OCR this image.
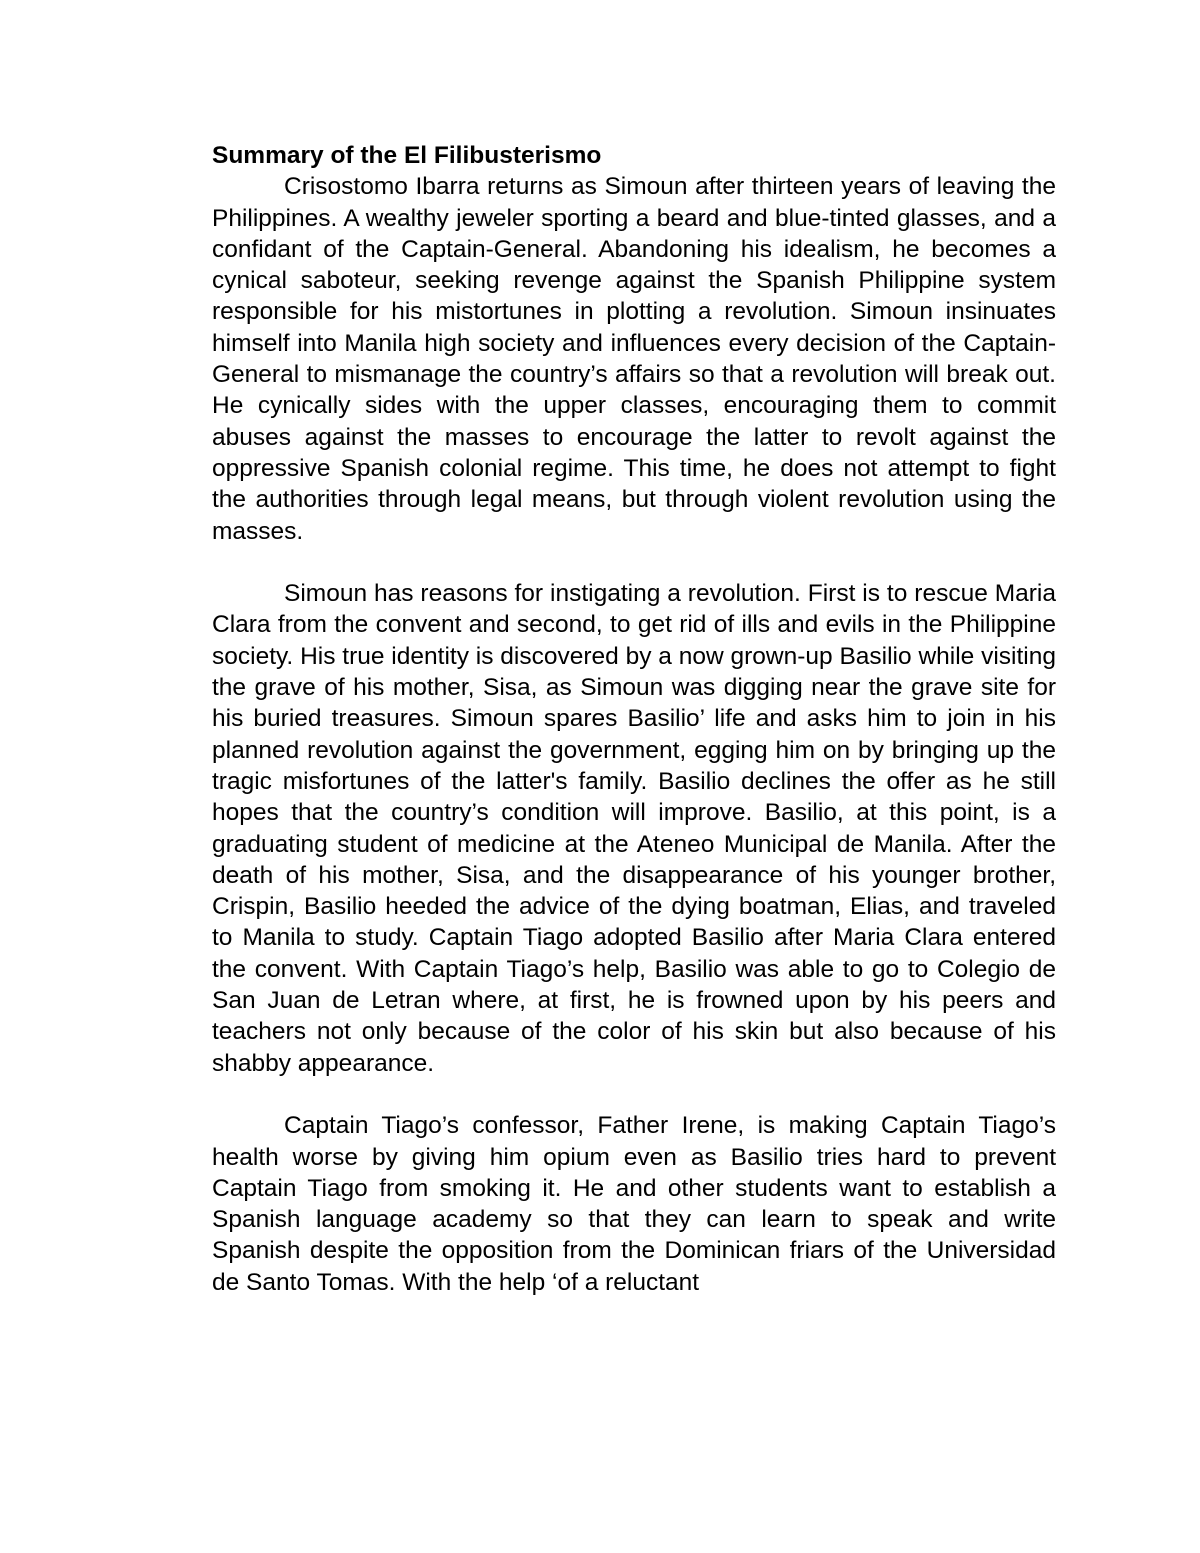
Summary of the El Filibusterismo

Crisostomo Ibarra returns as Simoun after thirteen years of leaving the Philippines. A wealthy jeweler sporting a beard and blue-tinted glasses, and a confidant of the Captain-General. Abandoning his idealism, he becomes a cynical saboteur, seeking revenge against the Spanish Philippine system responsible for his mistortunes in plotting a revolution. Simoun insinuates himself into Manila high society and influences every decision of the Captain-General to mismanage the country’s affairs so that a revolution will break out. He cynically sides with the upper classes, encouraging them to commit abuses against the masses to encourage the latter to revolt against the oppressive Spanish colonial regime. This time, he does not attempt to fight the authorities through legal means, but through violent revolution using the masses.

Simoun has reasons for instigating a revolution. First is to rescue Maria Clara from the convent and second, to get rid of ills and evils in the Philippine society. His true identity is discovered by a now grown-up Basilio while visiting the grave of his mother, Sisa, as Simoun was digging near the grave site for his buried treasures. Simoun spares Basilio’ life and asks him to join in his planned revolution against the government, egging him on by bringing up the tragic misfortunes of the latter's family. Basilio declines the offer as he still hopes that the country’s condition will improve. Basilio, at this point, is a graduating student of medicine at the Ateneo Municipal de Manila. After the death of his mother, Sisa, and the disappearance of his younger brother, Crispin, Basilio heeded the advice of the dying boatman, Elias, and traveled to Manila to study. Captain Tiago adopted Basilio after Maria Clara entered the convent. With Captain Tiago’s help, Basilio was able to go to Colegio de San Juan de Letran where, at first, he is frowned upon by his peers and teachers not only because of the color of his skin but also because of his shabby appearance.

Captain Tiago’s confessor, Father Irene, is making Captain Tiago’s health worse by giving him opium even as Basilio tries hard to prevent Captain Tiago from smoking it. He and other students want to establish a Spanish language academy so that they can learn to speak and write Spanish despite the opposition from the Dominican friars of the Universidad de Santo Tomas. With the help ‘of a reluctant
